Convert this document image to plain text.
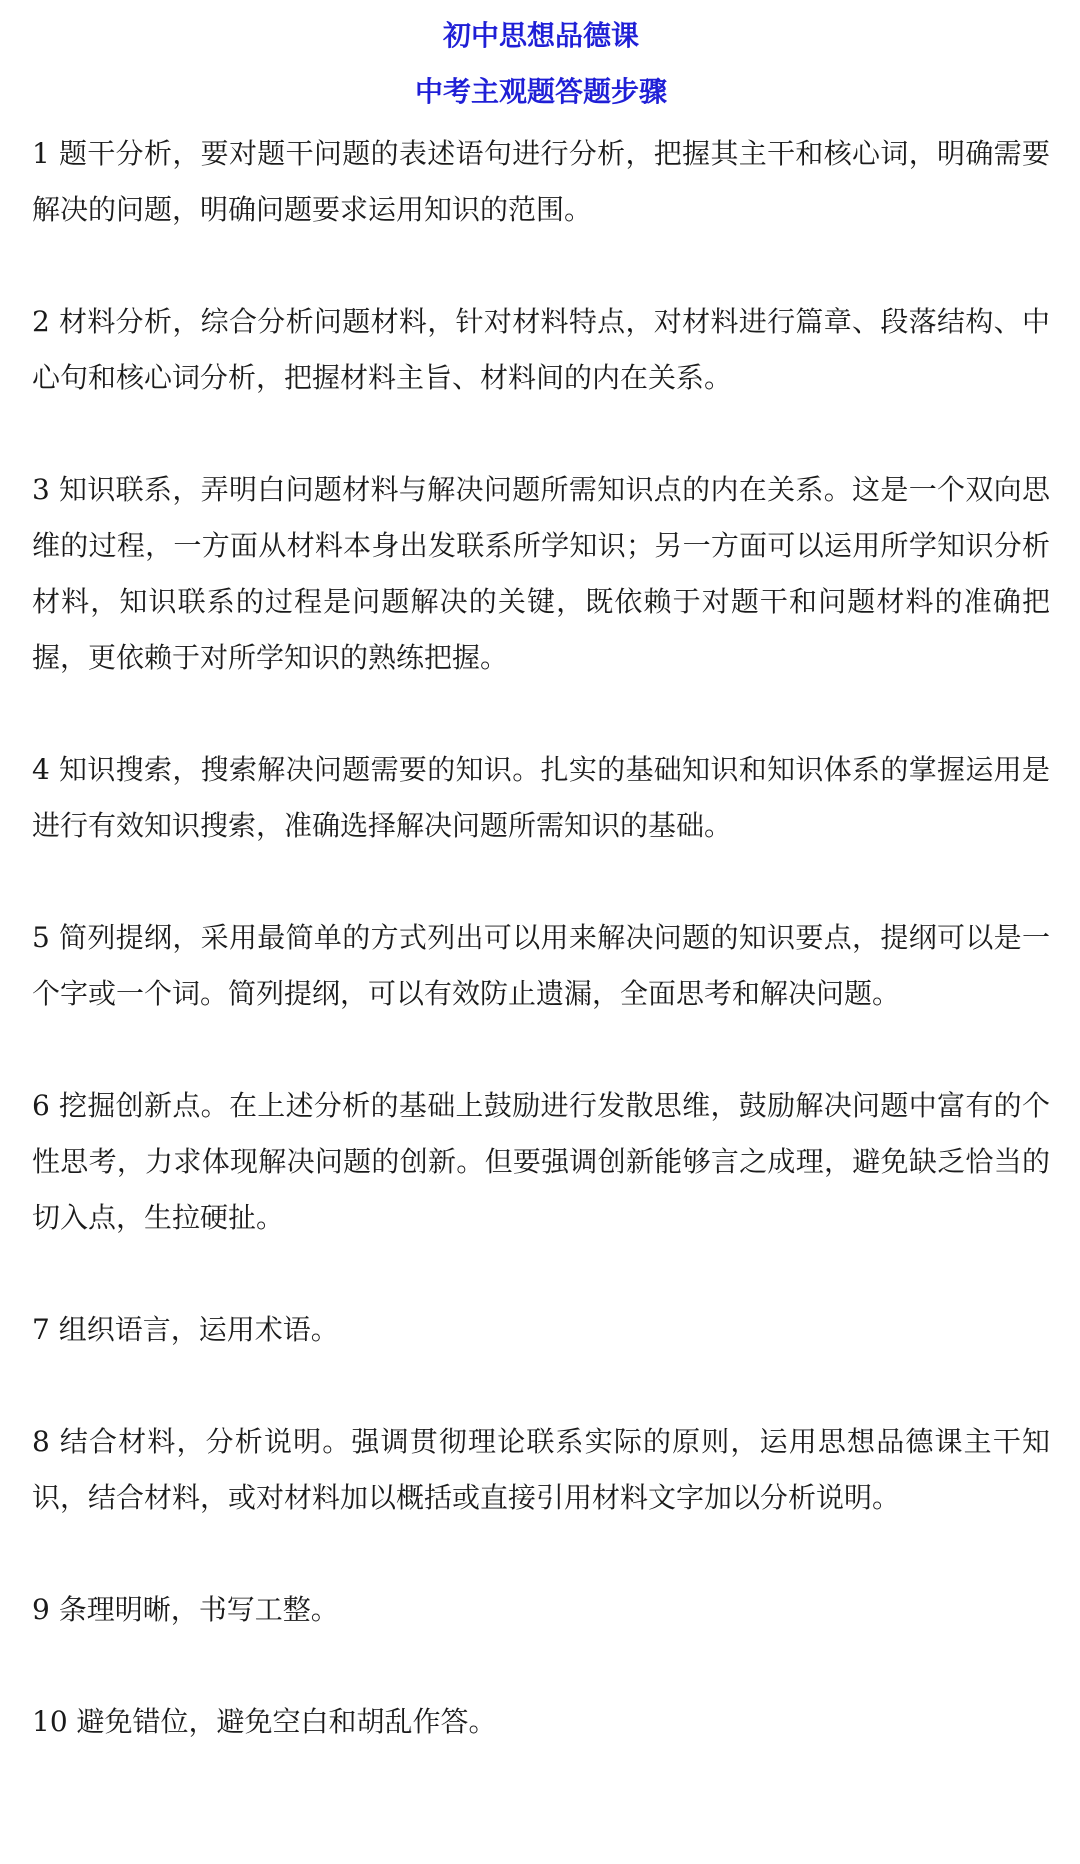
初中思想品德课
中考主观题答题步骤

1 题干分析，要对题干问题的表述语句进行分析，把握其主干和核心词，明确需要解决的问题，明确问题要求运用知识的范围。

2 材料分析，综合分析问题材料，针对材料特点，对材料进行篇章、段落结构、中心句和核心词分析，把握材料主旨、材料间的内在关系。

3 知识联系，弄明白问题材料与解决问题所需知识点的内在关系。这是一个双向思维的过程，一方面从材料本身出发联系所学知识；另一方面可以运用所学知识分析材料，知识联系的过程是问题解决的关键，既依赖于对题干和问题材料的准确把握，更依赖于对所学知识的熟练把握。

4 知识搜索，搜索解决问题需要的知识。扎实的基础知识和知识体系的掌握运用是进行有效知识搜索，准确选择解决问题所需知识的基础。

5 简列提纲，采用最简单的方式列出可以用来解决问题的知识要点，提纲可以是一个字或一个词。简列提纲，可以有效防止遗漏，全面思考和解决问题。

6 挖掘创新点。在上述分析的基础上鼓励进行发散思维，鼓励解决问题中富有的个性思考，力求体现解决问题的创新。但要强调创新能够言之成理，避免缺乏恰当的切入点，生拉硬扯。

7 组织语言，运用术语。

8 结合材料，分析说明。强调贯彻理论联系实际的原则，运用思想品德课主干知识，结合材料，或对材料加以概括或直接引用材料文字加以分析说明。

9 条理明晰，书写工整。

10 避免错位，避免空白和胡乱作答。
